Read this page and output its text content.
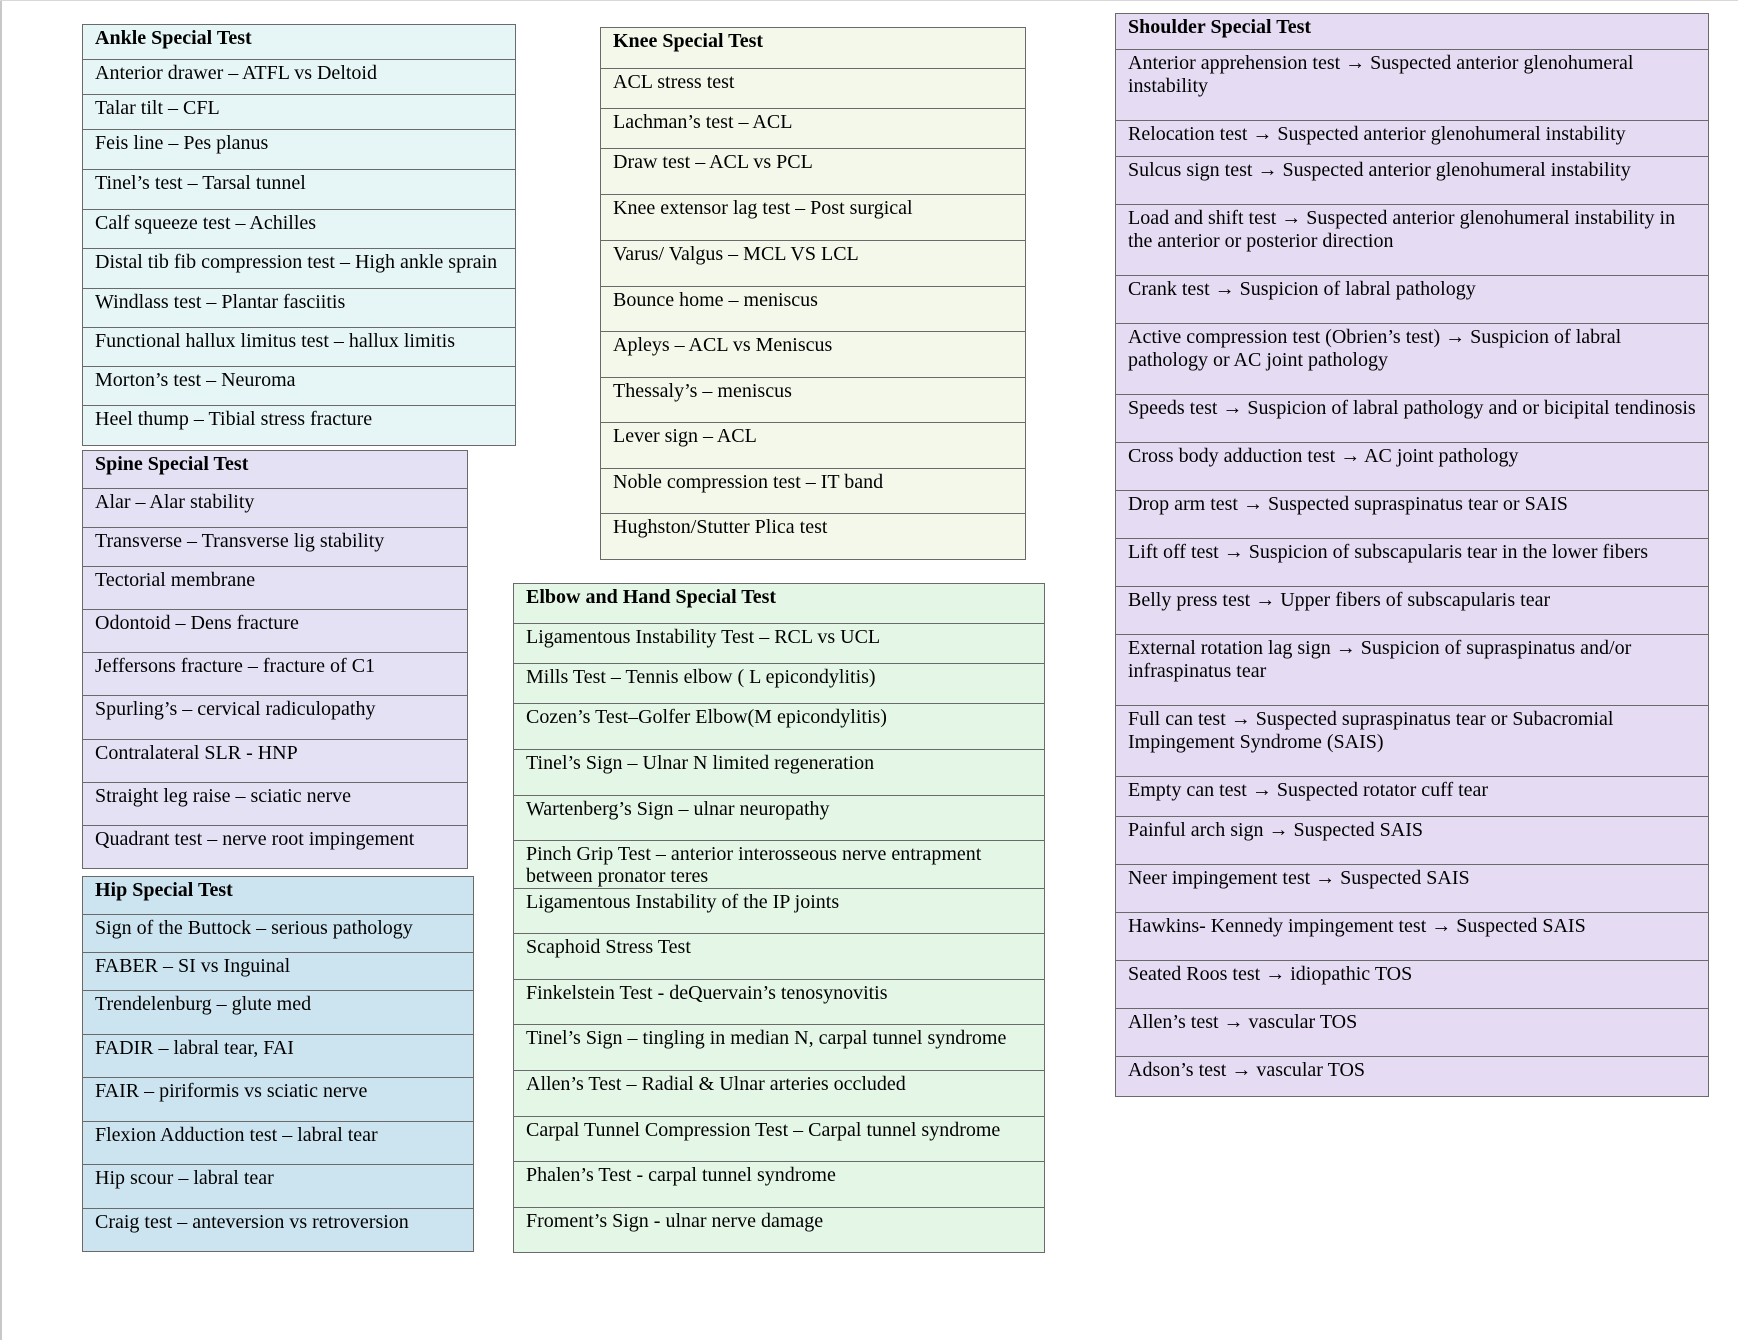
Ankle Special Test
Anterior drawer – ATFL vs Deltoid
Talar tilt – CFL
Feis line – Pes planus
Tinel’s test – Tarsal tunnel
Calf squeeze test – Achilles
Distal tib fib compression test – High ankle sprain
Windlass test – Plantar fasciitis
Functional hallux limitus test – hallux limitis
Morton’s test – Neuroma
Heel thump – Tibial stress fracture
Spine Special Test
Alar – Alar stability
Transverse – Transverse lig stability
Tectorial membrane
Odontoid – Dens fracture
Jeffersons fracture – fracture of C1
Spurling’s – cervical radiculopathy
Contralateral SLR - HNP
Straight leg raise – sciatic nerve
Quadrant test – nerve root impingement
Hip Special Test
Sign of the Buttock – serious pathology
FABER – SI vs Inguinal
Trendelenburg – glute med
FADIR – labral tear, FAI
FAIR – piriformis vs sciatic nerve
Flexion Adduction test – labral tear
Hip scour – labral tear
Craig test – anteversion vs retroversion
Knee Special Test
ACL stress test
Lachman’s test – ACL
Draw test – ACL vs PCL
Knee extensor lag test – Post surgical
Varus/ Valgus – MCL VS LCL
Bounce home – meniscus
Apleys – ACL vs Meniscus
Thessaly’s – meniscus
Lever sign – ACL
Noble compression test – IT band
Hughston/Stutter Plica test
Elbow and Hand Special Test
Ligamentous Instability Test – RCL vs UCL
Mills Test – Tennis elbow ( L epicondylitis)
Cozen’s Test–Golfer Elbow(M epicondylitis)
Tinel’s Sign – Ulnar N limited regeneration
Wartenberg’s Sign – ulnar neuropathy
Pinch Grip Test – anterior interosseous nerve entrapment between pronator teres
Ligamentous Instability of the IP joints
Scaphoid Stress Test
Finkelstein Test - deQuervain’s tenosynovitis
Tinel’s Sign – tingling in median N, carpal tunnel syndrome
Allen’s Test – Radial & Ulnar arteries occluded
Carpal Tunnel Compression Test – Carpal tunnel syndrome
Phalen’s Test - carpal tunnel syndrome
Froment’s Sign - ulnar nerve damage
Shoulder Special Test
Anterior apprehension test → Suspected anterior glenohumeral instability
Relocation test → Suspected anterior glenohumeral instability
Sulcus sign test → Suspected anterior glenohumeral instability
Load and shift test → Suspected anterior glenohumeral instability in the anterior or posterior direction
Crank test → Suspicion of labral pathology
Active compression test (Obrien’s test) → Suspicion of labral pathology or AC joint pathology
Speeds test → Suspicion of labral pathology and or bicipital tendinosis
Cross body adduction test → AC joint pathology
Drop arm test → Suspected supraspinatus tear or SAIS
Lift off test → Suspicion of subscapularis tear in the lower fibers
Belly press test → Upper fibers of subscapularis tear
External rotation lag sign → Suspicion of supraspinatus and/or infraspinatus tear
Full can test → Suspected supraspinatus tear or Subacromial Impingement Syndrome (SAIS)
Empty can test → Suspected rotator cuff tear
Painful arch sign → Suspected SAIS
Neer impingement test → Suspected SAIS
Hawkins- Kennedy impingement test → Suspected SAIS
Seated Roos test → idiopathic TOS
Allen’s test → vascular TOS
Adson’s test → vascular TOS
